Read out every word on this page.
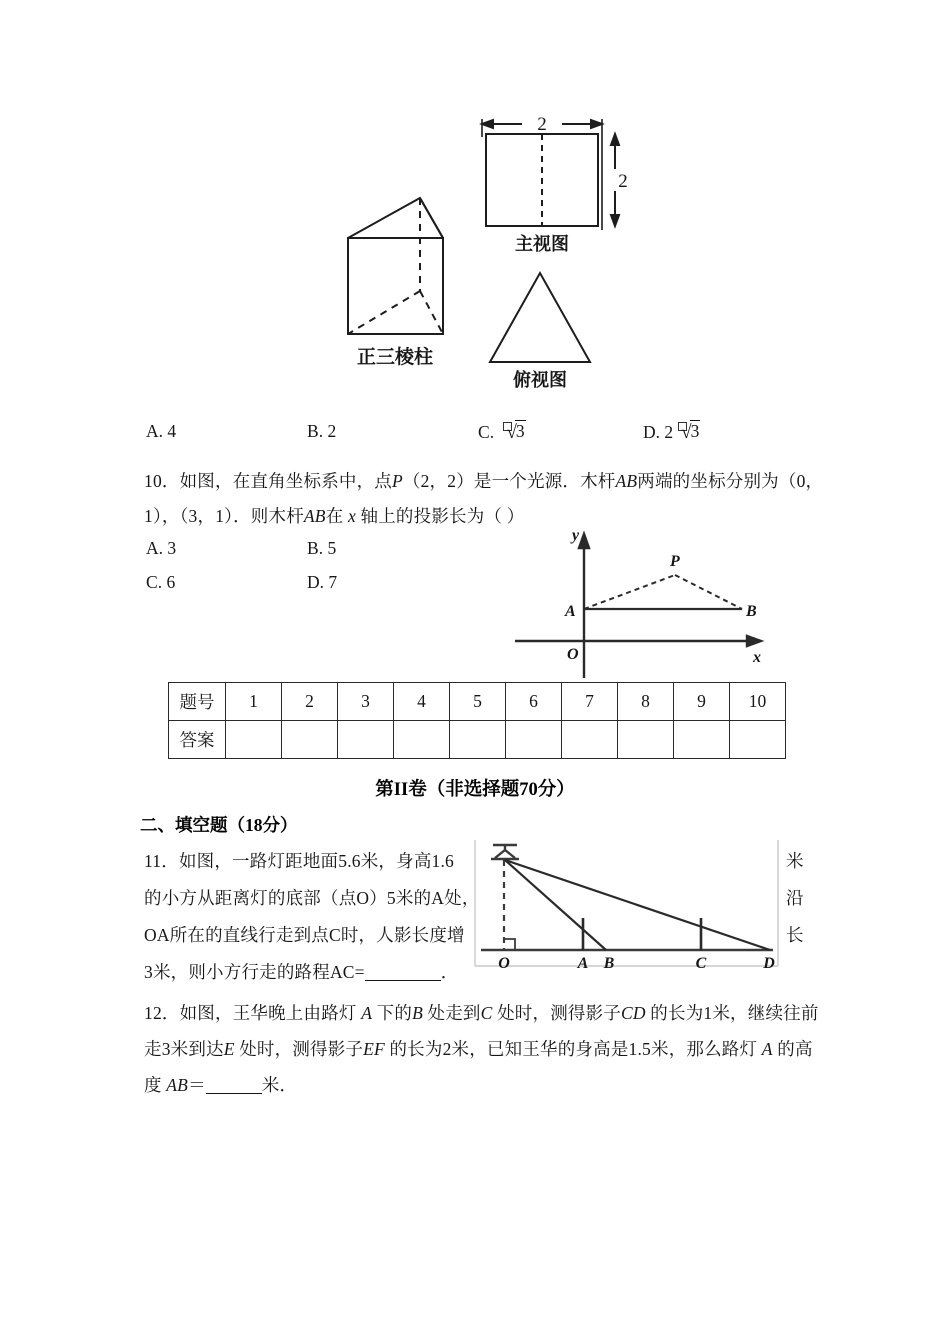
正三棱柱
2
2
主视图
俯视图
A. 4	B. 2	C. √3	D. 2 √3
10．如图，在直角坐标系中，点P（2，2）是一个光源．木杆AB两端的坐标分别为（0，
1），（3，1）．则木杆AB在 x 轴上的投影长为（ ）
A. 3	B. 5
C. 6	D. 7
y
x
O
P
A	B
题号	1	2	3	4	5	6	7	8	9	10
答案										
第II卷（非选择题70分）
二、填空题（18分）
11．如图，一路灯距地面5.6米，身高1.6
的小方从距离灯的底部（点O）5米的A处，
OA所在的直线行走到点C时，人影长度增
3米，则小方行走的路程AC=	．
米
沿
长
O	A B	C	D
12．如图，王华晚上由路灯 A 下的B 处走到C 处时，测得影子CD 的长为1米，继续往前
走3米到达E 处时，测得影子EF 的长为2米，已知王华的身高是1.5米，那么路灯 A 的高
度 AB＝	米．
